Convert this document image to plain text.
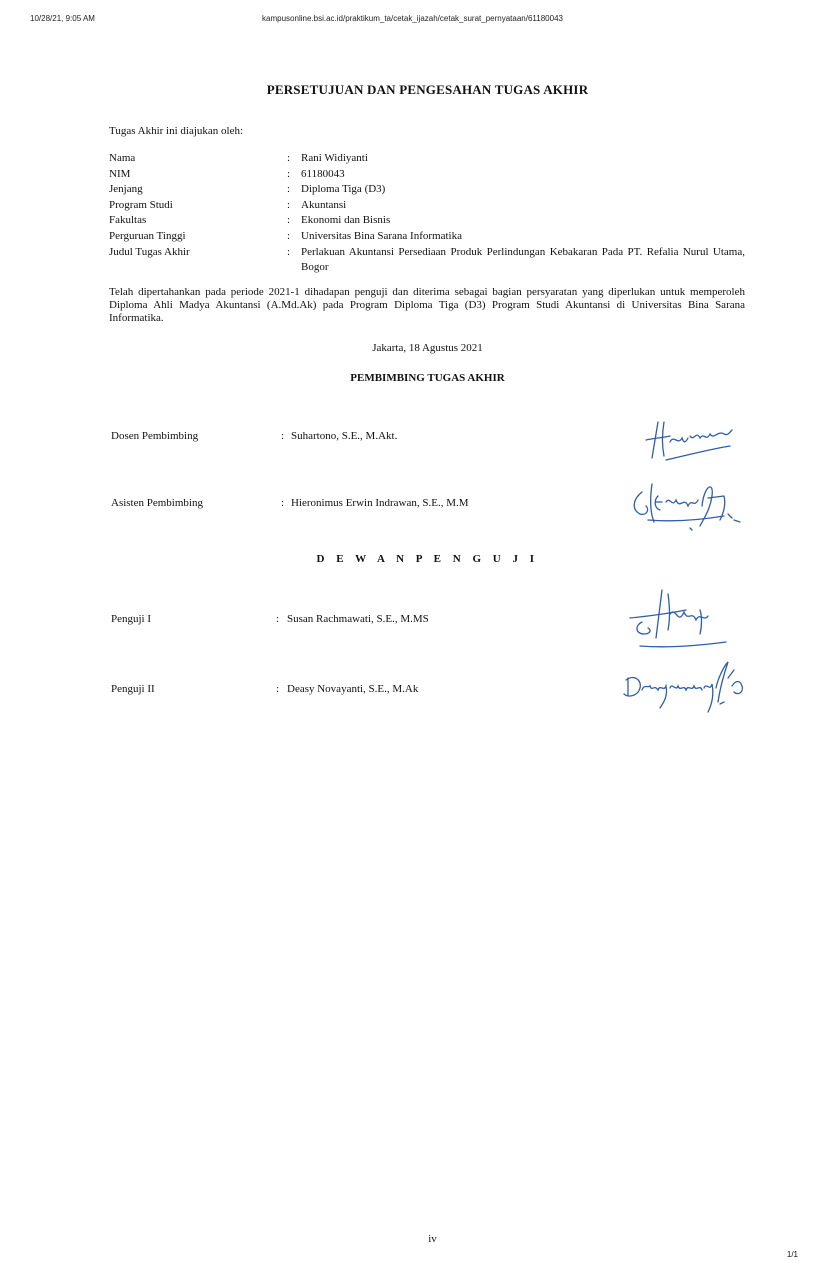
10/28/21, 9:05 AM	kampusonline.bsi.ac.id/praktikum_ta/cetak_ijazah/cetak_surat_pernyataan/61180043
PERSETUJUAN DAN PENGESAHAN TUGAS AKHIR
Tugas Akhir ini diajukan oleh:
Nama	:	Rani Widiyanti
NIM	:	61180043
Jenjang	:	Diploma Tiga (D3)
Program Studi	:	Akuntansi
Fakultas	:	Ekonomi dan Bisnis
Perguruan Tinggi	:	Universitas Bina Sarana Informatika
Judul Tugas Akhir	:	Perlakuan Akuntansi Persediaan Produk Perlindungan Kebakaran Pada PT. Refalia Nurul Utama, Bogor
Telah dipertahankan pada periode 2021-1 dihadapan penguji dan diterima sebagai bagian persyaratan yang diperlukan untuk memperoleh Diploma Ahli Madya Akuntansi (A.Md.Ak) pada Program Diploma Tiga (D3) Program Studi Akuntansi di Universitas Bina Sarana Informatika.
Jakarta, 18 Agustus 2021
PEMBIMBING TUGAS AKHIR
Dosen Pembimbing	: Suhartono, S.E., M.Akt.
Asisten Pembimbing	: Hieronimus Erwin Indrawan, S.E., M.M
D E W A N P E N G U J I
Penguji I	: Susan Rachmawati, S.E., M.MS
Penguji II	: Deasy Novayanti, S.E., M.Ak
iv
1/1
